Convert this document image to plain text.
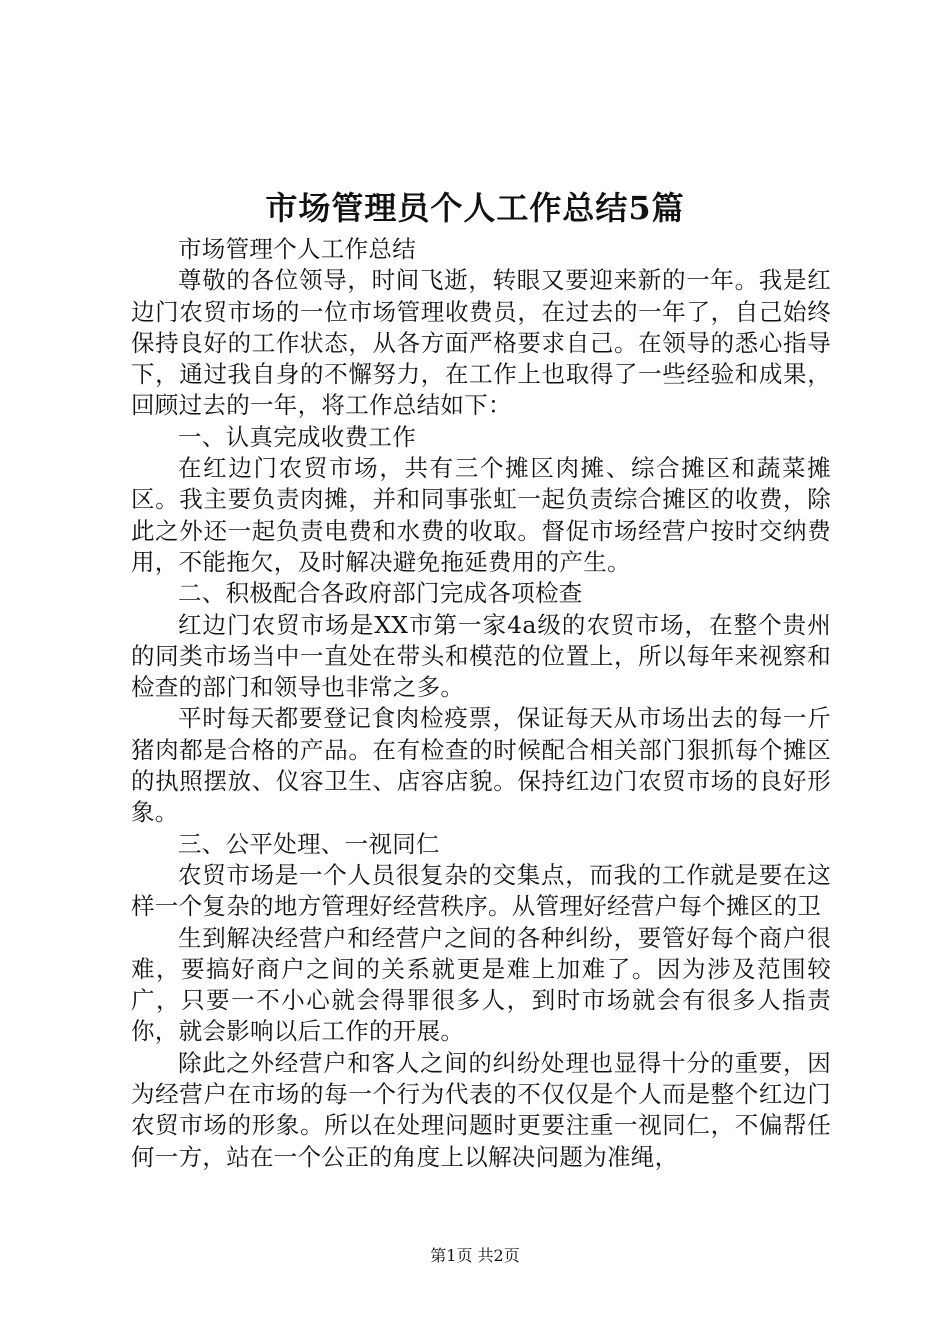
市场管理员个人工作总结5篇

市场管理个人工作总结

尊敬的各位领导，时间飞逝，转眼又要迎来新的一年。我是红边门农贸市场的一位市场管理收费员，在过去的一年了，自己始终保持良好的工作状态，从各方面严格要求自己。在领导的悉心指导下，通过我自身的不懈努力，在工作上也取得了一些经验和成果，回顾过去的一年，将工作总结如下：

一、认真完成收费工作

在红边门农贸市场，共有三个摊区肉摊、综合摊区和蔬菜摊区。我主要负责肉摊，并和同事张虹一起负责综合摊区的收费，除此之外还一起负责电费和水费的收取。督促市场经营户按时交纳费用，不能拖欠，及时解决避免拖延费用的产生。

二、积极配合各政府部门完成各项检查

红边门农贸市场是XX市第一家4a级的农贸市场，在整个贵州的同类市场当中一直处在带头和模范的位置上，所以每年来视察和检查的部门和领导也非常之多。

平时每天都要登记食肉检疫票，保证每天从市场出去的每一斤猪肉都是合格的产品。在有检查的时候配合相关部门狠抓每个摊区的执照摆放、仪容卫生、店容店貌。保持红边门农贸市场的良好形象。

三、公平处理、一视同仁

农贸市场是一个人员很复杂的交集点，而我的工作就是要在这样一个复杂的地方管理好经营秩序。从管理好经营户每个摊区的卫

生到解决经营户和经营户之间的各种纠纷，要管好每个商户很难，要搞好商户之间的关系就更是难上加难了。因为涉及范围较广，只要一不小心就会得罪很多人，到时市场就会有很多人指责你，就会影响以后工作的开展。

除此之外经营户和客人之间的纠纷处理也显得十分的重要，因为经营户在市场的每一个行为代表的不仅仅是个人而是整个红边门农贸市场的形象。所以在处理问题时更要注重一视同仁，不偏帮任何一方，站在一个公正的角度上以解决问题为准绳，

第1页 共2页
